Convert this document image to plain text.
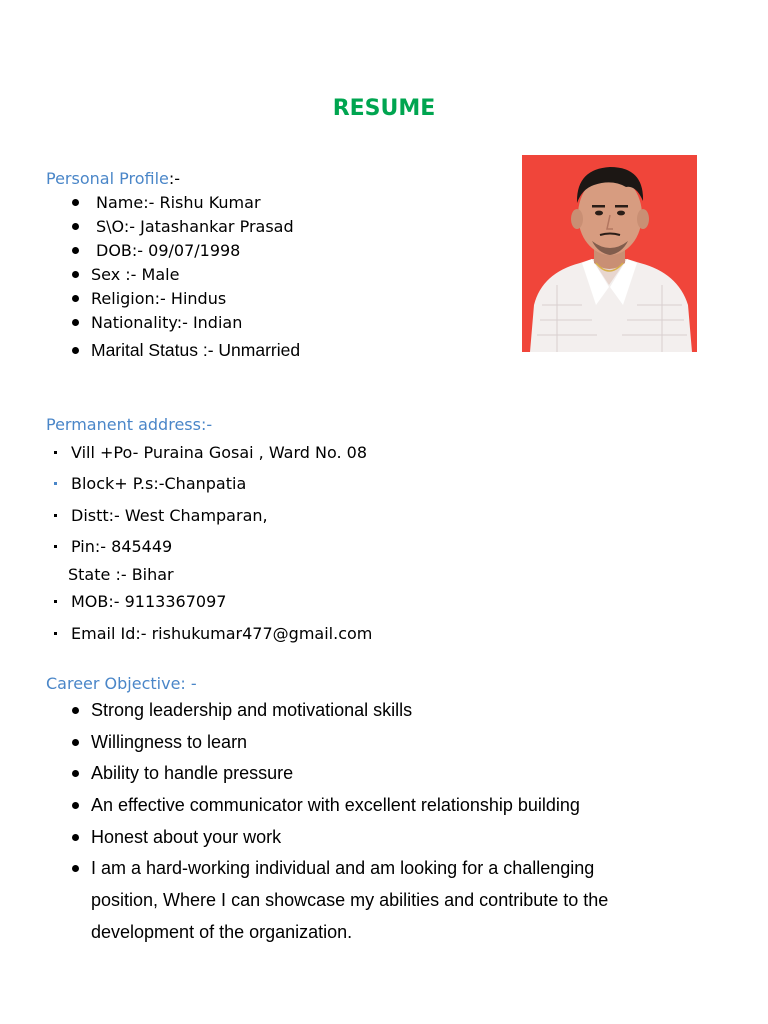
RESUME
Personal Profile:-
Name:- Rishu Kumar
S\O:- Jatashankar Prasad
DOB:- 09/07/1998
Sex :- Male
Religion:- Hindus
Nationality:- Indian
Marital Status :- Unmarried
Permanent address:-
Vill +Po- Puraina Gosai , Ward No. 08
Block+ P.s:-Chanpatia
Distt:- West Champaran,
Pin:- 845449
State :- Bihar
MOB:- 9113367097
Email Id:- rishukumar477@gmail.com
Career Objective: -
Strong leadership and motivational skills
Willingness to learn
Ability to handle pressure
An effective communicator with excellent relationship building
Honest about your work
I am a hard-working individual and am looking for a challenging
position, Where I can showcase my abilities and contribute to the
development of the organization.
